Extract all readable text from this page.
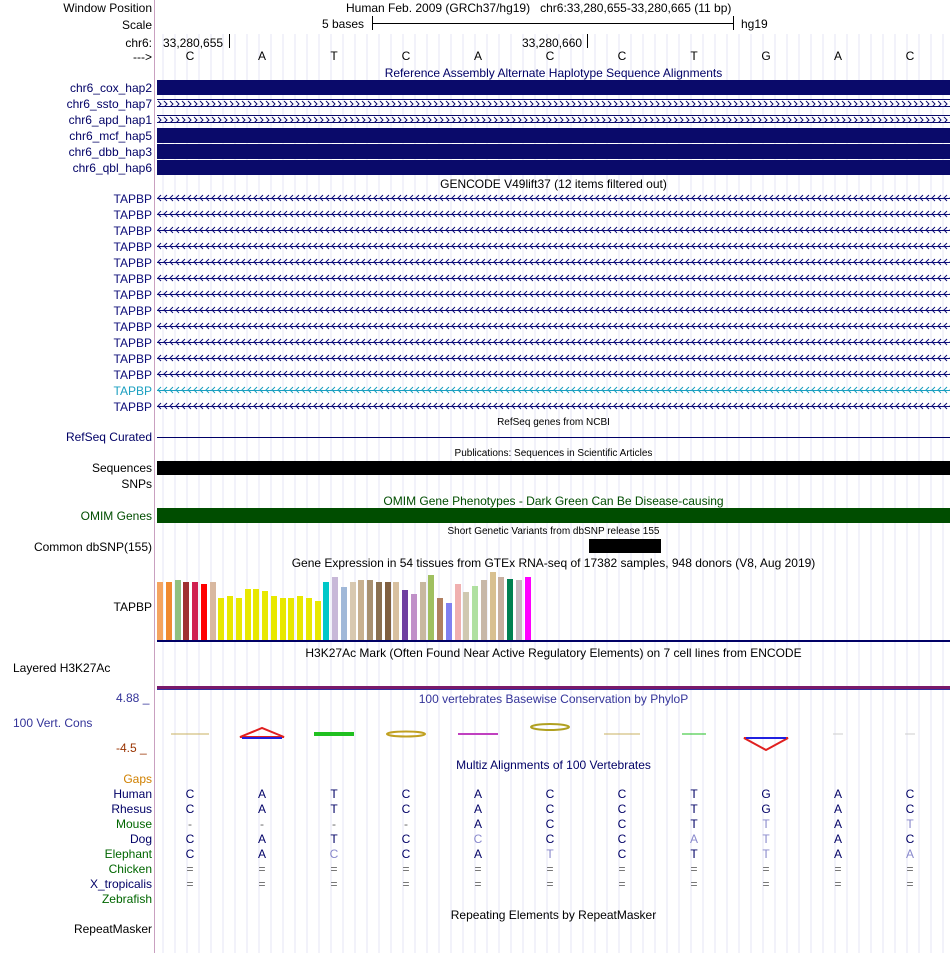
Window Position	Human Feb. 2009 (GRCh37/hg19)   chr6:33,280,655-33,280,665 (11 bp)
Scale	5 bases	hg19
chr6: 33,280,655	33,280,660
--->	C	A	T	C	A	C	C	T	G	A	C
Reference Assembly Alternate Haplotype Sequence Alignments
chr6_cox_hap2
chr6_ssto_hap7
chr6_apd_hap1
chr6_mcf_hap5
chr6_dbb_hap3
chr6_qbl_hap6
GENCODE V49lift37 (12 items filtered out)
TAPBP
TAPBP
TAPBP
TAPBP
TAPBP
TAPBP
TAPBP
TAPBP
TAPBP
TAPBP
TAPBP
TAPBP
TAPBP
TAPBP
RefSeq genes from NCBI
RefSeq Curated
Publications: Sequences in Scientific Articles
Sequences
SNPs
OMIM Gene Phenotypes - Dark Green Can Be Disease-causing
OMIM Genes
Short Genetic Variants from dbSNP release 155
Common dbSNP(155)
Gene Expression in 54 tissues from GTEx RNA-seq of 17382 samples, 948 donors (V8, Aug 2019)
TAPBP
H3K27Ac Mark (Often Found Near Active Regulatory Elements) on 7 cell lines from ENCODE
Layered H3K27Ac
100 vertebrates Basewise Conservation by PhyloP
4.88 _
100 Vert. Cons
-4.5 _
Multiz Alignments of 100 Vertebrates
Gaps
Human	C	A	T	C	A	C	C	T	G	A	C
Rhesus	C	A	T	C	A	C	C	T	G	A	C
Mouse	-	-	-	-	A	C	C	T	T	A	T
Dog	C	A	T	C	C	C	C	A	T	A	C
Elephant	C	A	C	C	A	T	C	T	T	A	A
Chicken	=	=	=	=	=	=	=	=	=	=	=
X_tropicalis	=	=	=	=	=	=	=	=	=	=	=
Zebrafish
Repeating Elements by RepeatMasker
RepeatMasker
